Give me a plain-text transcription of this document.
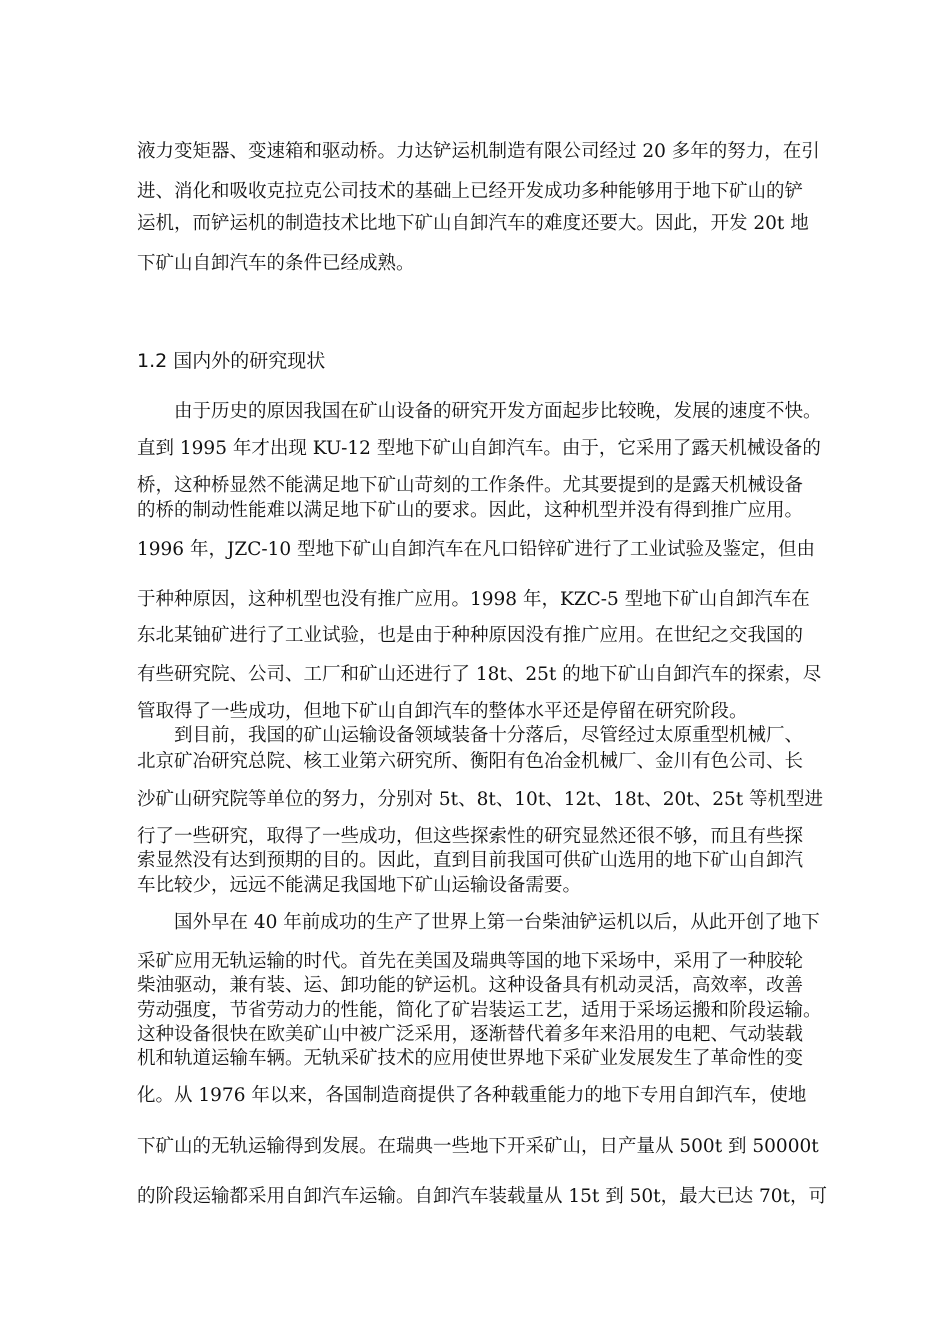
液力变矩器、变速箱和驱动桥。力达铲运机制造有限公司经过 20 多年的努力，在引
进、消化和吸收克拉克公司技术的基础上已经开发成功多种能够用于地下矿山的铲
运机，而铲运机的制造技术比地下矿山自卸汽车的难度还要大。因此，开发 20t 地
下矿山自卸汽车的条件已经成熟。
1.2 国内外的研究现状
　　由于历史的原因我国在矿山设备的研究开发方面起步比较晚，发展的速度不快。
直到 1995 年才出现 KU-12 型地下矿山自卸汽车。由于，它采用了露天机械设备的
桥，这种桥显然不能满足地下矿山苛刻的工作条件。尤其要提到的是露天机械设备
的桥的制动性能难以满足地下矿山的要求。因此，这种机型并没有得到推广应用。
1996 年，JZC-10 型地下矿山自卸汽车在凡口铅锌矿进行了工业试验及鉴定，但由
于种种原因，这种机型也没有推广应用。1998 年，KZC-5 型地下矿山自卸汽车在
东北某铀矿进行了工业试验，也是由于种种原因没有推广应用。在世纪之交我国的
有些研究院、公司、工厂和矿山还进行了 18t、25t 的地下矿山自卸汽车的探索，尽
管取得了一些成功，但地下矿山自卸汽车的整体水平还是停留在研究阶段。
　　到目前，我国的矿山运输设备领域装备十分落后，尽管经过太原重型机械厂、
北京矿冶研究总院、核工业第六研究所、衡阳有色冶金机械厂、金川有色公司、长
沙矿山研究院等单位的努力，分别对 5t、8t、10t、12t、18t、20t、25t 等机型进
行了一些研究，取得了一些成功，但这些探索性的研究显然还很不够，而且有些探
索显然没有达到预期的目的。因此，直到目前我国可供矿山选用的地下矿山自卸汽
车比较少，远远不能满足我国地下矿山运输设备需要。
　　国外早在 40 年前成功的生产了世界上第一台柴油铲运机以后，从此开创了地下
采矿应用无轨运输的时代。首先在美国及瑞典等国的地下采场中，采用了一种胶轮
柴油驱动，兼有装、运、卸功能的铲运机。这种设备具有机动灵活，高效率，改善
劳动强度，节省劳动力的性能，简化了矿岩装运工艺，适用于采场运搬和阶段运输。
这种设备很快在欧美矿山中被广泛采用，逐渐替代着多年来沿用的电耙、气动装载
机和轨道运输车辆。无轨采矿技术的应用使世界地下采矿业发展发生了革命性的变
化。从 1976 年以来，各国制造商提供了各种载重能力的地下专用自卸汽车，使地
下矿山的无轨运输得到发展。在瑞典一些地下开采矿山，日产量从 500t 到 50000t
的阶段运输都采用自卸汽车运输。自卸汽车装载量从 15t 到 50t，最大已达 70t，可
